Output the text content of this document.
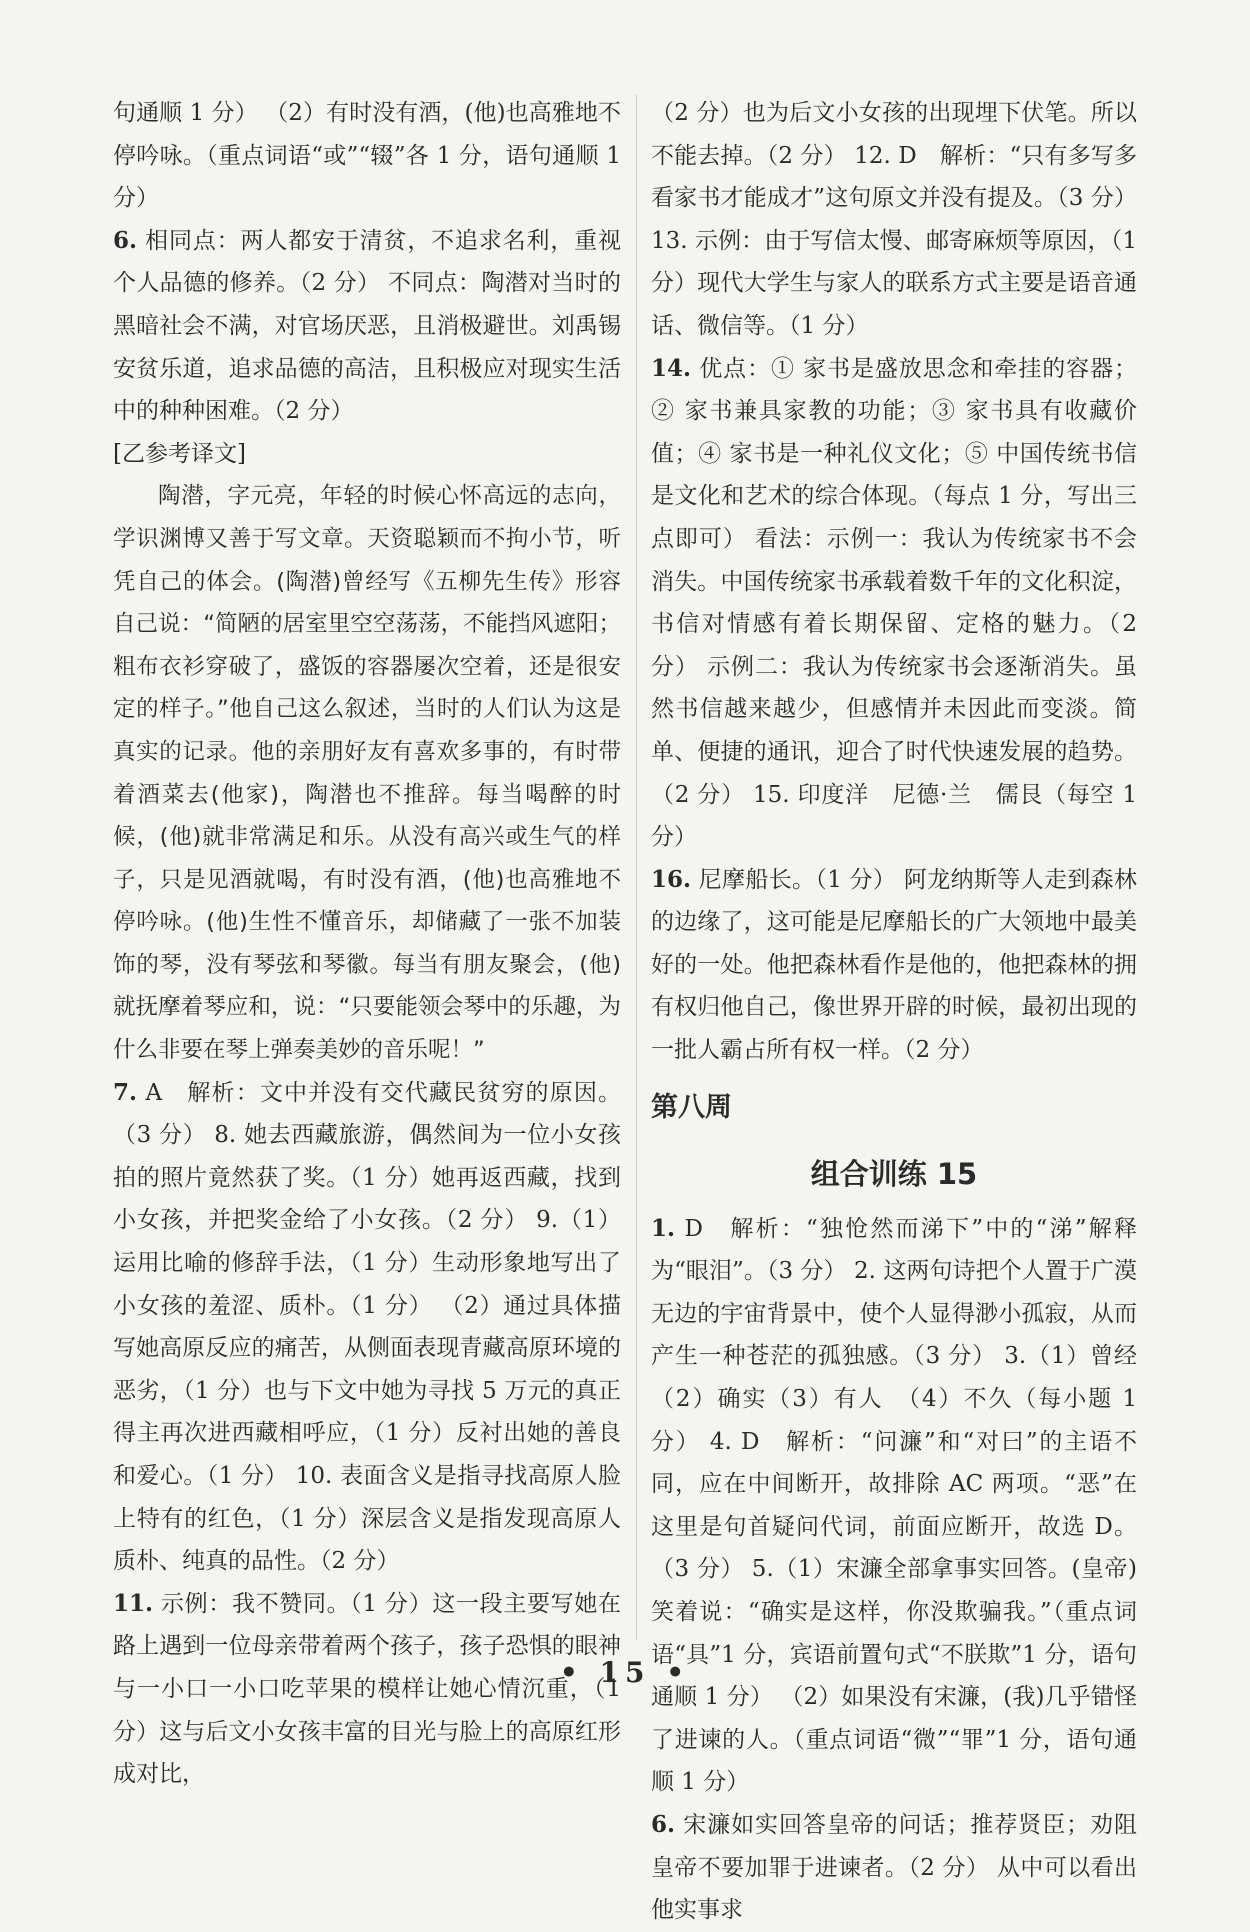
句通顺 1 分） （2）有时没有酒，(他)也高雅地不停吟咏。（重点词语“或”“辍”各 1 分，语句通顺 1 分）

6. 相同点：两人都安于清贫，不追求名利，重视个人品德的修养。（2 分） 不同点：陶潜对当时的黑暗社会不满，对官场厌恶，且消极避世。刘禹锡安贫乐道，追求品德的高洁，且积极应对现实生活中的种种困难。（2 分）

[乙参考译文]

陶潜，字元亮，年轻的时候心怀高远的志向，学识渊博又善于写文章。天资聪颖而不拘小节，听凭自己的体会。(陶潜)曾经写《五柳先生传》形容自己说：“简陋的居室里空空荡荡，不能挡风遮阳；粗布衣衫穿破了，盛饭的容器屡次空着，还是很安定的样子。”他自己这么叙述，当时的人们认为这是真实的记录。他的亲朋好友有喜欢多事的，有时带着酒菜去(他家)，陶潜也不推辞。每当喝醉的时候，(他)就非常满足和乐。从没有高兴或生气的样子，只是见酒就喝，有时没有酒，(他)也高雅地不停吟咏。(他)生性不懂音乐，却储藏了一张不加装饰的琴，没有琴弦和琴徽。每当有朋友聚会，(他)就抚摩着琴应和，说：“只要能领会琴中的乐趣，为什么非要在琴上弹奏美妙的音乐呢！”

7. A　解析：文中并没有交代藏民贫穷的原因。（3 分） 8. 她去西藏旅游，偶然间为一位小女孩拍的照片竟然获了奖。（1 分）她再返西藏，找到小女孩，并把奖金给了小女孩。（2 分） 9.（1）运用比喻的修辞手法，（1 分）生动形象地写出了小女孩的羞涩、质朴。（1 分） （2）通过具体描写她高原反应的痛苦，从侧面表现青藏高原环境的恶劣，（1 分）也与下文中她为寻找 5 万元的真正得主再次进西藏相呼应，（1 分）反衬出她的善良和爱心。（1 分） 10. 表面含义是指寻找高原人脸上特有的红色，（1 分）深层含义是指发现高原人质朴、纯真的品性。（2 分）

11. 示例：我不赞同。（1 分）这一段主要写她在路上遇到一位母亲带着两个孩子，孩子恐惧的眼神与一小口一小口吃苹果的模样让她心情沉重，（1 分）这与后文小女孩丰富的目光与脸上的高原红形成对比，

（2 分）也为后文小女孩的出现埋下伏笔。所以不能去掉。（2 分） 12. D　解析：“只有多写多看家书才能成才”这句原文并没有提及。（3 分） 13. 示例：由于写信太慢、邮寄麻烦等原因，（1 分）现代大学生与家人的联系方式主要是语音通话、微信等。（1 分）

14. 优点：① 家书是盛放思念和牵挂的容器；② 家书兼具家教的功能；③ 家书具有收藏价值；④ 家书是一种礼仪文化；⑤ 中国传统书信是文化和艺术的综合体现。（每点 1 分，写出三点即可） 看法：示例一：我认为传统家书不会消失。中国传统家书承载着数千年的文化积淀，书信对情感有着长期保留、定格的魅力。（2 分） 示例二：我认为传统家书会逐渐消失。虽然书信越来越少，但感情并未因此而变淡。简单、便捷的通讯，迎合了时代快速发展的趋势。（2 分） 15. 印度洋　尼德·兰　儒艮（每空 1 分）

16. 尼摩船长。（1 分） 阿龙纳斯等人走到森林的边缘了，这可能是尼摩船长的广大领地中最美好的一处。他把森林看作是他的，他把森林的拥有权归他自己，像世界开辟的时候，最初出现的一批人霸占所有权一样。（2 分）

第八周
组合训练 15

1. D　解析：“独怆然而涕下”中的“涕”解释为“眼泪”。（3 分） 2. 这两句诗把个人置于广漠无边的宇宙背景中，使个人显得渺小孤寂，从而产生一种苍茫的孤独感。（3 分） 3.（1）曾经　（2）确实（3）有人　（4）不久（每小题 1 分） 4. D　解析：“问濂”和“对曰”的主语不同，应在中间断开，故排除 AC 两项。“恶”在这里是句首疑问代词，前面应断开，故选 D。（3 分） 5.（1）宋濂全部拿事实回答。(皇帝)笑着说：“确实是这样，你没欺骗我。”（重点词语“具”1 分，宾语前置句式“不朕欺”1 分，语句通顺 1 分） （2）如果没有宋濂，(我)几乎错怪了进谏的人。（重点词语“微”“罪”1 分，语句通顺 1 分）

6. 宋濂如实回答皇帝的问话；推荐贤臣；劝阻皇帝不要加罪于进谏者。（2 分） 从中可以看出他实事求

• 15 •
